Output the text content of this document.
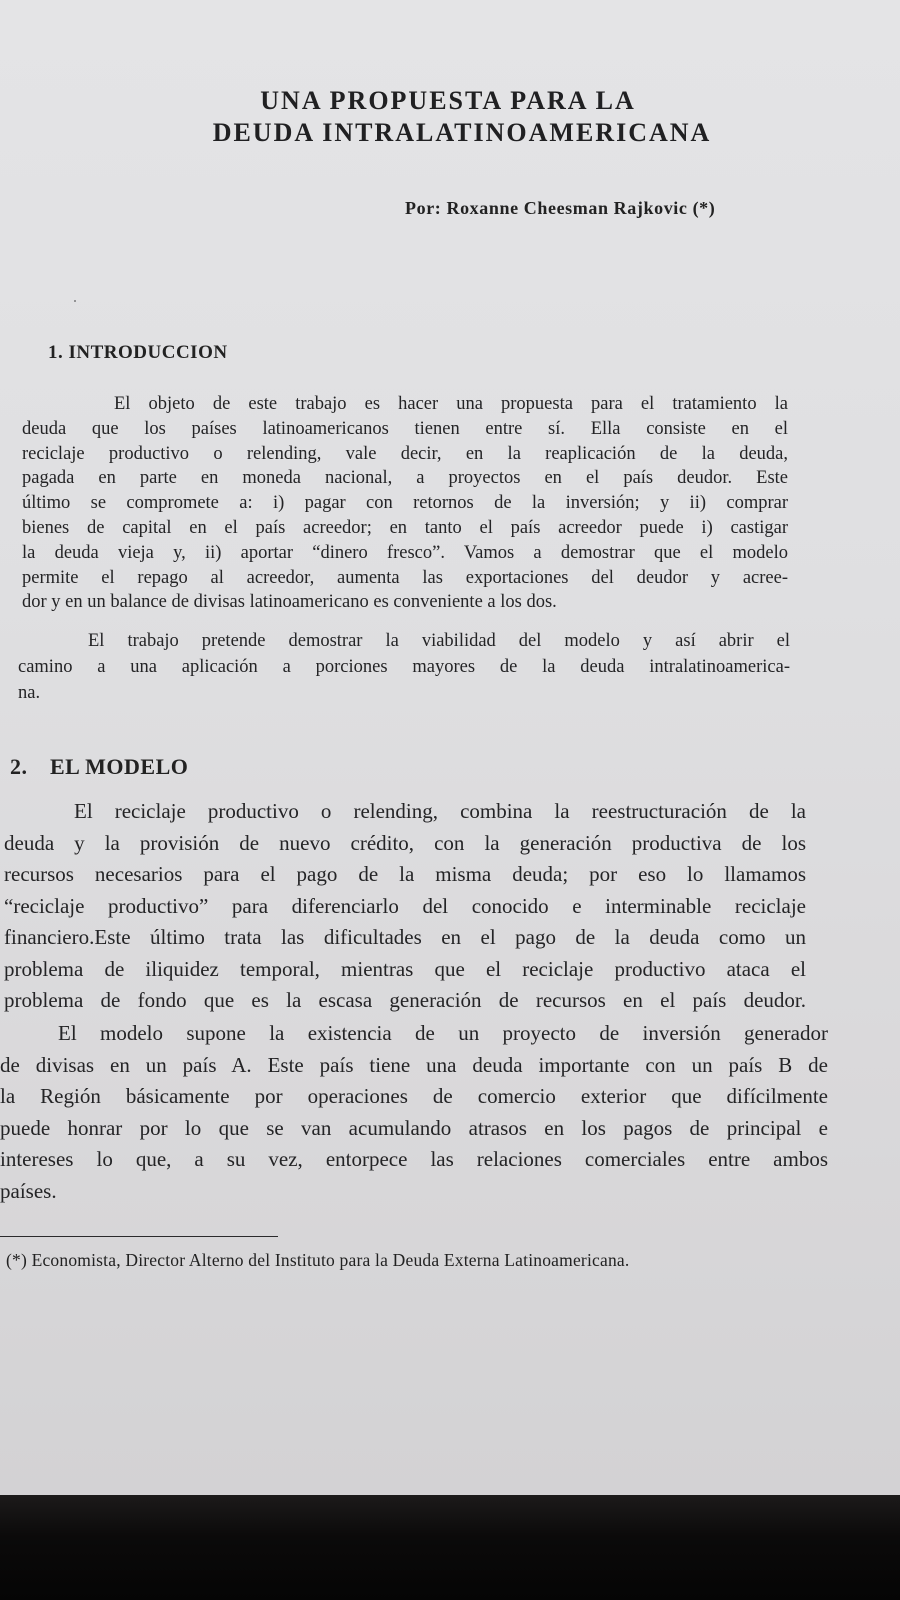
UNA PROPUESTA PARA LA
DEUDA INTRALATINOAMERICANA
Por: Roxanne Cheesman Rajkovic (*)
1. INTRODUCCION
El objeto de este trabajo es hacer una propuesta para el tratamiento la
deuda que los países latinoamericanos tienen entre sí. Ella consiste en el
reciclaje productivo o relending, vale decir, en la reaplicación de la deuda,
pagada en parte en moneda nacional, a proyectos en el país deudor. Este
último se compromete a: i) pagar con retornos de la inversión; y ii) comprar
bienes de capital en el país acreedor; en tanto el país acreedor puede i) castigar
la deuda vieja y, ii) aportar “dinero fresco”. Vamos a demostrar que el modelo
permite el repago al acreedor, aumenta las exportaciones del deudor y acree-
dor y en un balance de divisas latinoamericano es conveniente a los dos.
El trabajo pretende demostrar la viabilidad del modelo y así abrir el
camino a una aplicación a porciones mayores de la deuda intralatinoamerica-
na.
2. EL MODELO
El reciclaje productivo o relending, combina la reestructuración de la
deuda y la provisión de nuevo crédito, con la generación productiva de los
recursos necesarios para el pago de la misma deuda; por eso lo llamamos
“reciclaje productivo” para diferenciarlo del conocido e interminable reciclaje
financiero.Este último trata las dificultades en el pago de la deuda como un
problema de iliquidez temporal, mientras que el reciclaje productivo ataca el
problema de fondo que es la escasa generación de recursos en el país deudor.
El modelo supone la existencia de un proyecto de inversión generador
de divisas en un país A. Este país tiene una deuda importante con un país B de
la Región básicamente por operaciones de comercio exterior que difícilmente
puede honrar por lo que se van acumulando atrasos en los pagos de principal e
intereses lo que, a su vez, entorpece las relaciones comerciales entre ambos
países.

(*) Economista, Director Alterno del Instituto para la Deuda Externa Latinoamericana.
